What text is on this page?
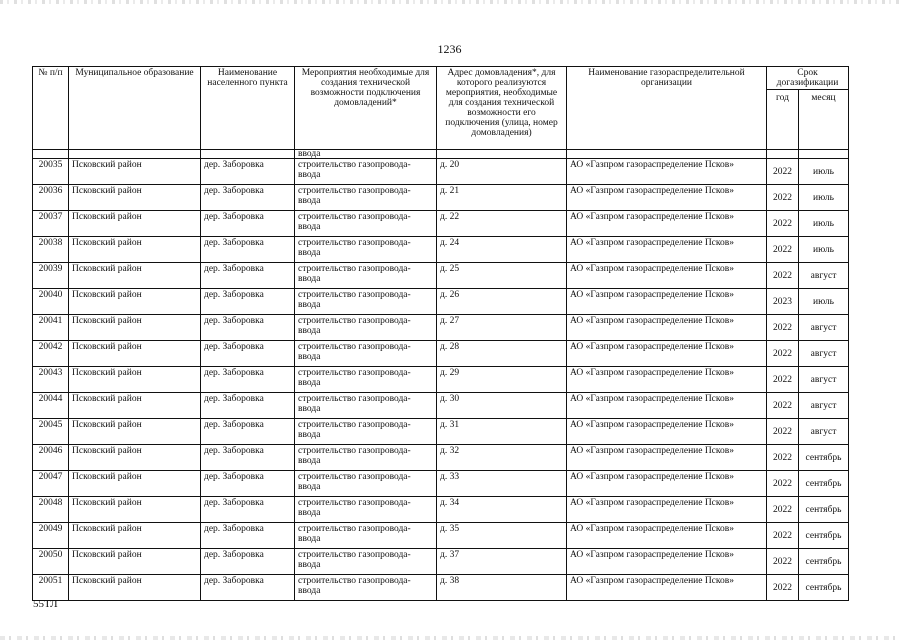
1236
№ п/п	Муниципальное образование	Наименование населенного пункта	Мероприятия необходимые для создания технической возможности подключения домовладений*	Адрес домовладения*, для которого реализуются мероприятия, необходимые для создания технической возможности его подключения (улица, номер домовладения)	Наименование газораспределительной организации	Срок догазификации	
						год	месяц
			ввода				
20035	Псковский район	дер. Заборовка	строительство газопровода-ввода	д. 20	АО «Газпром газораспределение Псков»	2022	июль
20036	Псковский район	дер. Заборовка	строительство газопровода-ввода	д. 21	АО «Газпром газораспределение Псков»	2022	июль
20037	Псковский район	дер. Заборовка	строительство газопровода-ввода	д. 22	АО «Газпром газораспределение Псков»	2022	июль
20038	Псковский район	дер. Заборовка	строительство газопровода-ввода	д. 24	АО «Газпром газораспределение Псков»	2022	июль
20039	Псковский район	дер. Заборовка	строительство газопровода-ввода	д. 25	АО «Газпром газораспределение Псков»	2022	август
20040	Псковский район	дер. Заборовка	строительство газопровода-ввода	д. 26	АО «Газпром газораспределение Псков»	2023	июль
20041	Псковский район	дер. Заборовка	строительство газопровода-ввода	д. 27	АО «Газпром газораспределение Псков»	2022	август
20042	Псковский район	дер. Заборовка	строительство газопровода-ввода	д. 28	АО «Газпром газораспределение Псков»	2022	август
20043	Псковский район	дер. Заборовка	строительство газопровода-ввода	д. 29	АО «Газпром газораспределение Псков»	2022	август
20044	Псковский район	дер. Заборовка	строительство газопровода-ввода	д. 30	АО «Газпром газораспределение Псков»	2022	август
20045	Псковский район	дер. Заборовка	строительство газопровода-ввода	д. 31	АО «Газпром газораспределение Псков»	2022	август
20046	Псковский район	дер. Заборовка	строительство газопровода-ввода	д. 32	АО «Газпром газораспределение Псков»	2022	сентябрь
20047	Псковский район	дер. Заборовка	строительство газопровода-ввода	д. 33	АО «Газпром газораспределение Псков»	2022	сентябрь
20048	Псковский район	дер. Заборовка	строительство газопровода-ввода	д. 34	АО «Газпром газораспределение Псков»	2022	сентябрь
20049	Псковский район	дер. Заборовка	строительство газопровода-ввода	д. 35	АО «Газпром газораспределение Псков»	2022	сентябрь
20050	Псковский район	дер. Заборовка	строительство газопровода-ввода	д. 37	АО «Газпром газораспределение Псков»	2022	сентябрь
20051	Псковский район	дер. Заборовка	строительство газопровода-ввода	д. 38	АО «Газпром газораспределение Псков»	2022	сентябрь
55ТЛ
